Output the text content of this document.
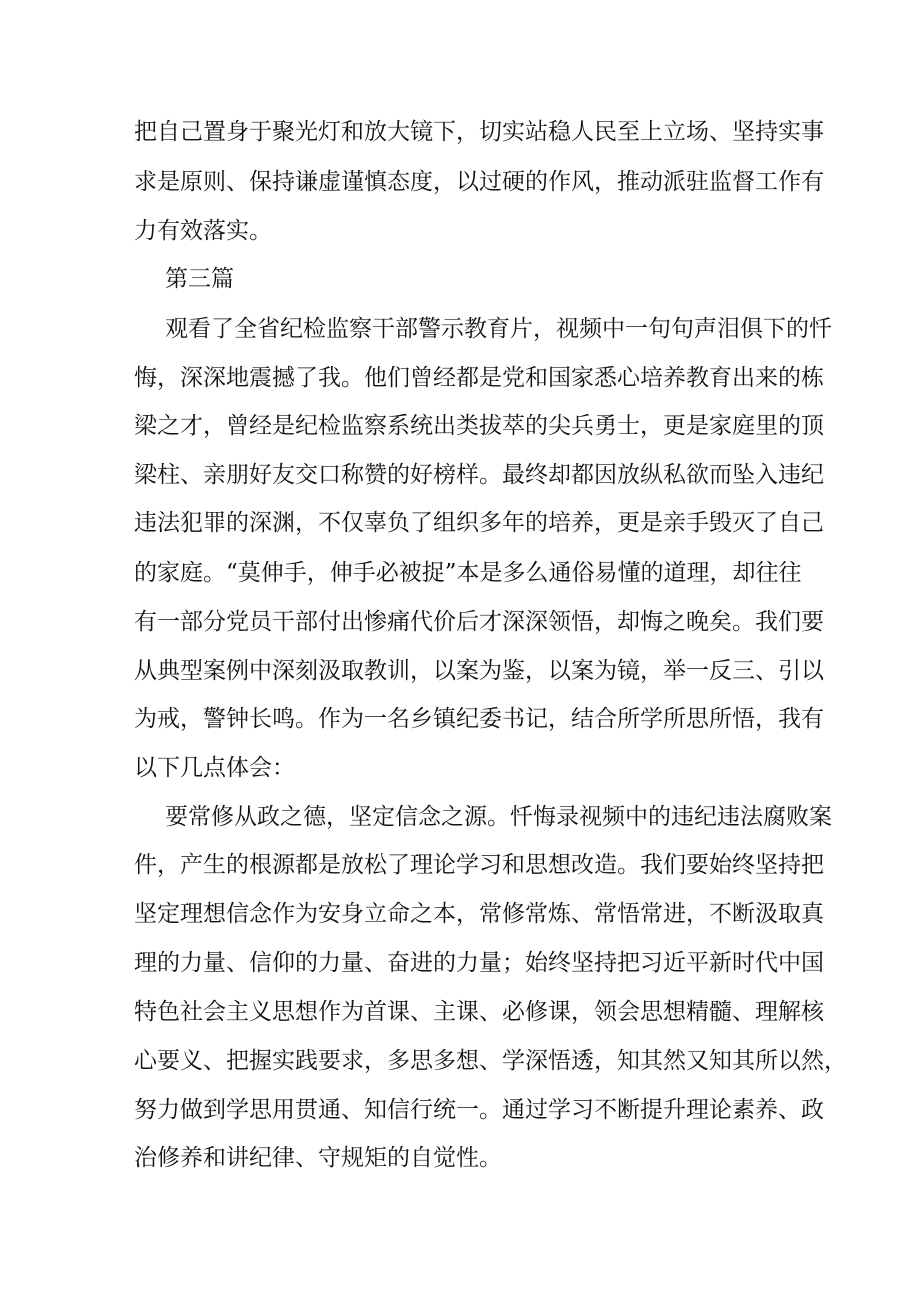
把自己置身于聚光灯和放大镜下，切实站稳人民至上立场、坚持实事
求是原则、保持谦虚谨慎态度，以过硬的作风，推动派驻监督工作有
力有效落实。
第三篇
观看了全省纪检监察干部警示教育片，视频中一句句声泪俱下的忏
悔，深深地震撼了我。他们曾经都是党和国家悉心培养教育出来的栋
梁之才，曾经是纪检监察系统出类拔萃的尖兵勇士，更是家庭里的顶
梁柱、亲朋好友交口称赞的好榜样。最终却都因放纵私欲而坠入违纪
违法犯罪的深渊，不仅辜负了组织多年的培养，更是亲手毁灭了自己
的家庭。“莫伸手，伸手必被捉”本是多么通俗易懂的道理，却往往
有一部分党员干部付出惨痛代价后才深深领悟，却悔之晚矣。我们要
从典型案例中深刻汲取教训，以案为鉴，以案为镜，举一反三、引以
为戒，警钟长鸣。作为一名乡镇纪委书记，结合所学所思所悟，我有
以下几点体会：
要常修从政之德，坚定信念之源。忏悔录视频中的违纪违法腐败案
件，产生的根源都是放松了理论学习和思想改造。我们要始终坚持把
坚定理想信念作为安身立命之本，常修常炼、常悟常进，不断汲取真
理的力量、信仰的力量、奋进的力量；始终坚持把习近平新时代中国
特色社会主义思想作为首课、主课、必修课，领会思想精髓、理解核
心要义、把握实践要求，多思多想、学深悟透，知其然又知其所以然，
努力做到学思用贯通、知信行统一。通过学习不断提升理论素养、政
治修养和讲纪律、守规矩的自觉性。
